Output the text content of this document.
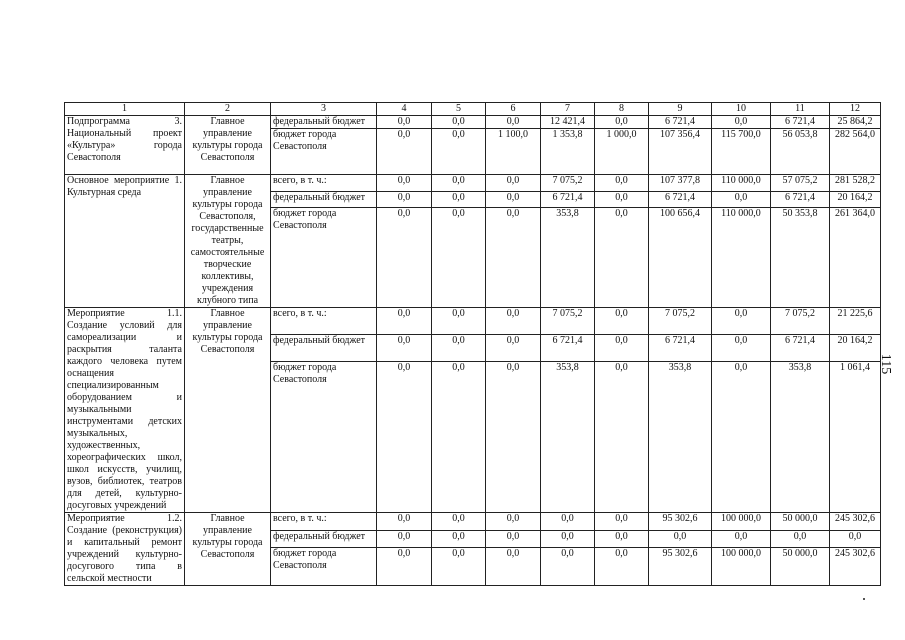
1	2	3	4	5	6	7	8	9	10	11	12
Подпрограмма 3. Национальный проект «Культура» города Севастополя	Главное управление культуры города Севастополя	федеральный бюджет	0,0	0,0	0,0	12 421,4	0,0	6 721,4	0,0	6 721,4	25 864,2
		бюджет города Севастополя	0,0	0,0	1 100,0	1 353,8	1 000,0	107 356,4	115 700,0	56 053,8	282 564,0
Основное мероприятие 1. Культурная среда	Главное управление культуры города Севастополя, государственные театры, самостоятельные творческие коллективы, учреждения клубного типа	всего, в т. ч.:	0,0	0,0	0,0	7 075,2	0,0	107 377,8	110 000,0	57 075,2	281 528,2
		федеральный бюджет	0,0	0,0	0,0	6 721,4	0,0	6 721,4	0,0	6 721,4	20 164,2
		бюджет города Севастополя	0,0	0,0	0,0	353,8	0,0	100 656,4	110 000,0	50 353,8	261 364,0
Мероприятие 1.1. Создание условий для самореализации и раскрытия таланта каждого человека путем оснащения специализированным оборудованием и музыкальными инструментами детских музыкальных, художественных, хореографических школ, школ искусств, училищ, вузов, библиотек, театров для детей, культурно-досуговых учреждений	Главное управление культуры города Севастополя	всего, в т. ч.:	0,0	0,0	0,0	7 075,2	0,0	7 075,2	0,0	7 075,2	21 225,6
		федеральный бюджет	0,0	0,0	0,0	6 721,4	0,0	6 721,4	0,0	6 721,4	20 164,2
		бюджет города Севастополя	0,0	0,0	0,0	353,8	0,0	353,8	0,0	353,8	1 061,4
Мероприятие 1.2. Создание (реконструкция) и капитальный ремонт учреждений культурно-досугового типа в сельской местности	Главное управление культуры города Севастополя	всего, в т. ч.:	0,0	0,0	0,0	0,0	0,0	95 302,6	100 000,0	50 000,0	245 302,6
		федеральный бюджет	0,0	0,0	0,0	0,0	0,0	0,0	0,0	0,0	0,0
		бюджет города Севастополя	0,0	0,0	0,0	0,0	0,0	95 302,6	100 000,0	50 000,0	245 302,6
115
